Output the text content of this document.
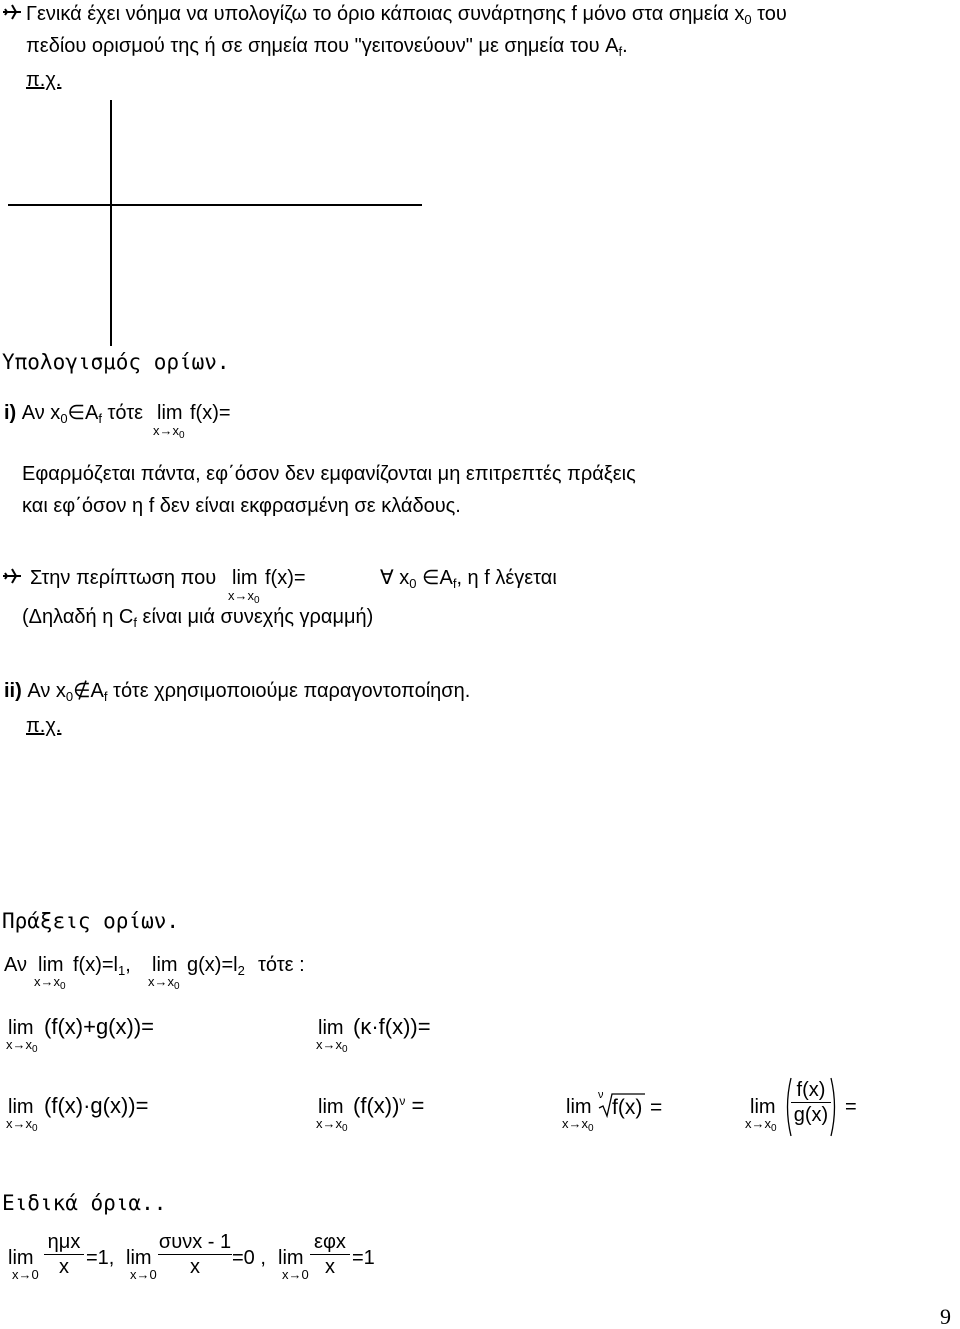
Γενικά έχει νόημα να υπολογίζω το όριο κάποιας συνάρτησης f μόνο στα σημεία $x_0$ του
πεδίου ορισμού της ή σε σημεία που "γειτονεύουν" με σημεία του $A_f$.
π.χ.
Υπολογισμός ορίων.
i) Αν $x_0\in A_f$ τότε lim
$x\to x_0$
f(x)=
Εφαρμόζεται πάντα, εφ΄όσον δεν εμφανίζονται μη επιτρεπτές πράξεις
και εφ΄όσον η f δεν είναι εκφρασμένη σε κλάδους.
Στην περίπτωση που lim
$x\to x_0$
f(x)=	∀ $x_0$ $\in A_f$, η f λέγεται
(Δηλαδή η $C_f$ είναι μιά συνεχής γραμμή)
ii) Αν $x_0\notin A_f$ τότε χρησιμοποιούμε παραγοντοποίηση.
π.χ.
Πράξεις ορίων.
Αν lim
$x\to x_0$
$f(x)=l_1$, lim
$x\to x_0$
$g(x)=l_2$ τότε :
lim
$x\to x_0$
(f(x)+g(x))=	lim
$x\to x_0$
(κ·f(x))=
lim
$x\to x_0$
(f(x)·g(x))=	lim
$x\to x_0$
$(f(x))^\nu$ =	lim
$x\to x_0$
ν
f(x) =	lim
$x\to x_0$
f(x)
g(x) =
Ειδικά όρια..
lim
x→0
ημx
x =1, lim
x→0
συνx - 1
x	=0 , lim
x→0
εφx
x =1
9
